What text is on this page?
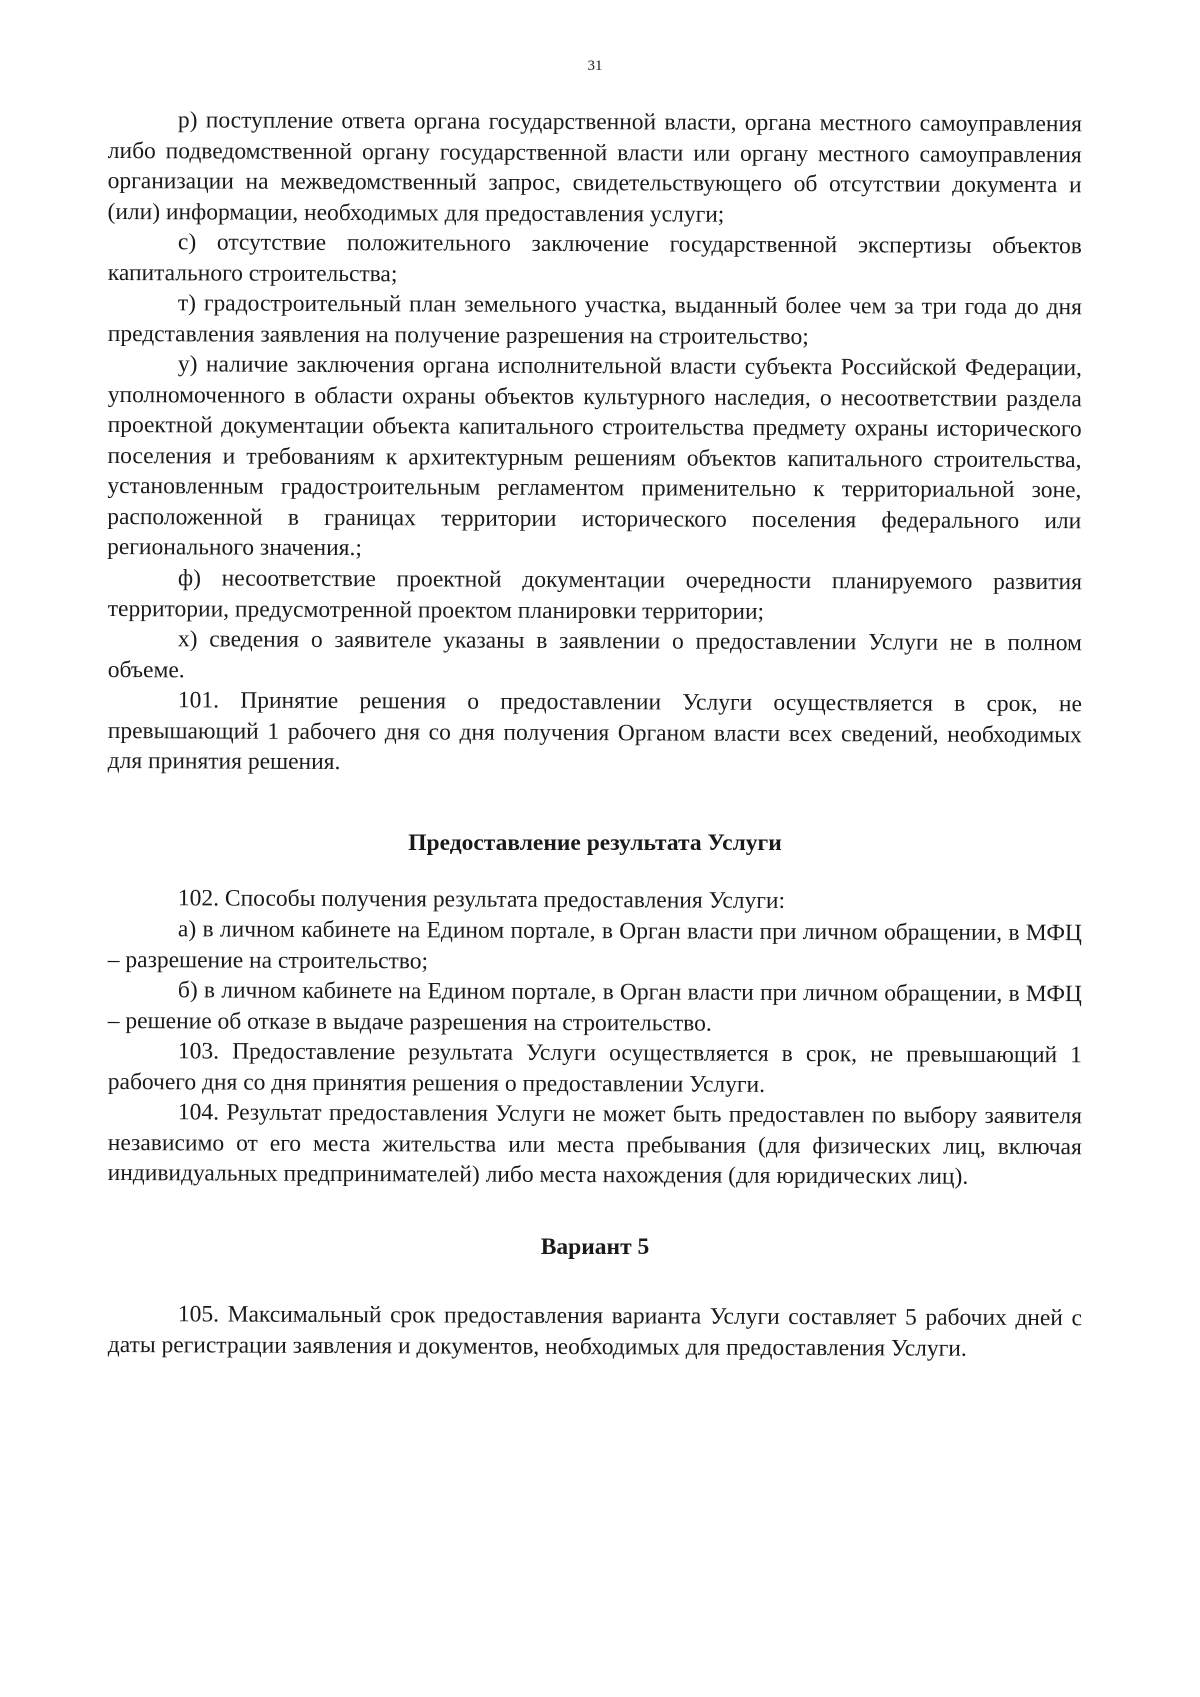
31

р) поступление ответа органа государственной власти, органа местного самоуправления либо подведомственной органу государственной власти или органу местного самоуправления организации на межведомственный запрос, свидетельствующего об отсутствии документа и (или) информации, необходимых для предоставления услуги;

с) отсутствие положительного заключение государственной экспертизы объектов капитального строительства;

т) градостроительный план земельного участка, выданный более чем за три года до дня представления заявления на получение разрешения на строительство;

у) наличие заключения органа исполнительной власти субъекта Российской Федерации, уполномоченного в области охраны объектов культурного наследия, о несоответствии раздела проектной документации объекта капитального строительства предмету охраны исторического поселения и требованиям к архитектурным решениям объектов капитального строительства, установленным градостроительным регламентом применительно к территориальной зоне, расположенной в границах территории исторического поселения федерального или регионального значения.;

ф) несоответствие проектной документации очередности планируемого развития территории, предусмотренной проектом планировки территории;

х) сведения о заявителе указаны в заявлении о предоставлении Услуги не в полном объеме.

101. Принятие решения о предоставлении Услуги осуществляется в срок, не превышающий 1 рабочего дня со дня получения Органом власти всех сведений, необходимых для принятия решения.

Предоставление результата Услуги

102. Способы получения результата предоставления Услуги:

а) в личном кабинете на Едином портале, в Орган власти при личном обращении, в МФЦ – разрешение на строительство;

б) в личном кабинете на Едином портале, в Орган власти при личном обращении, в МФЦ – решение об отказе в выдаче разрешения на строительство.

103. Предоставление результата Услуги осуществляется в срок, не превышающий 1 рабочего дня со дня принятия решения о предоставлении Услуги.

104. Результат предоставления Услуги не может быть предоставлен по выбору заявителя независимо от его места жительства или места пребывания (для физических лиц, включая индивидуальных предпринимателей) либо места нахождения (для юридических лиц).

Вариант 5

105. Максимальный срок предоставления варианта Услуги составляет 5 рабочих дней с даты регистрации заявления и документов, необходимых для предоставления Услуги.
